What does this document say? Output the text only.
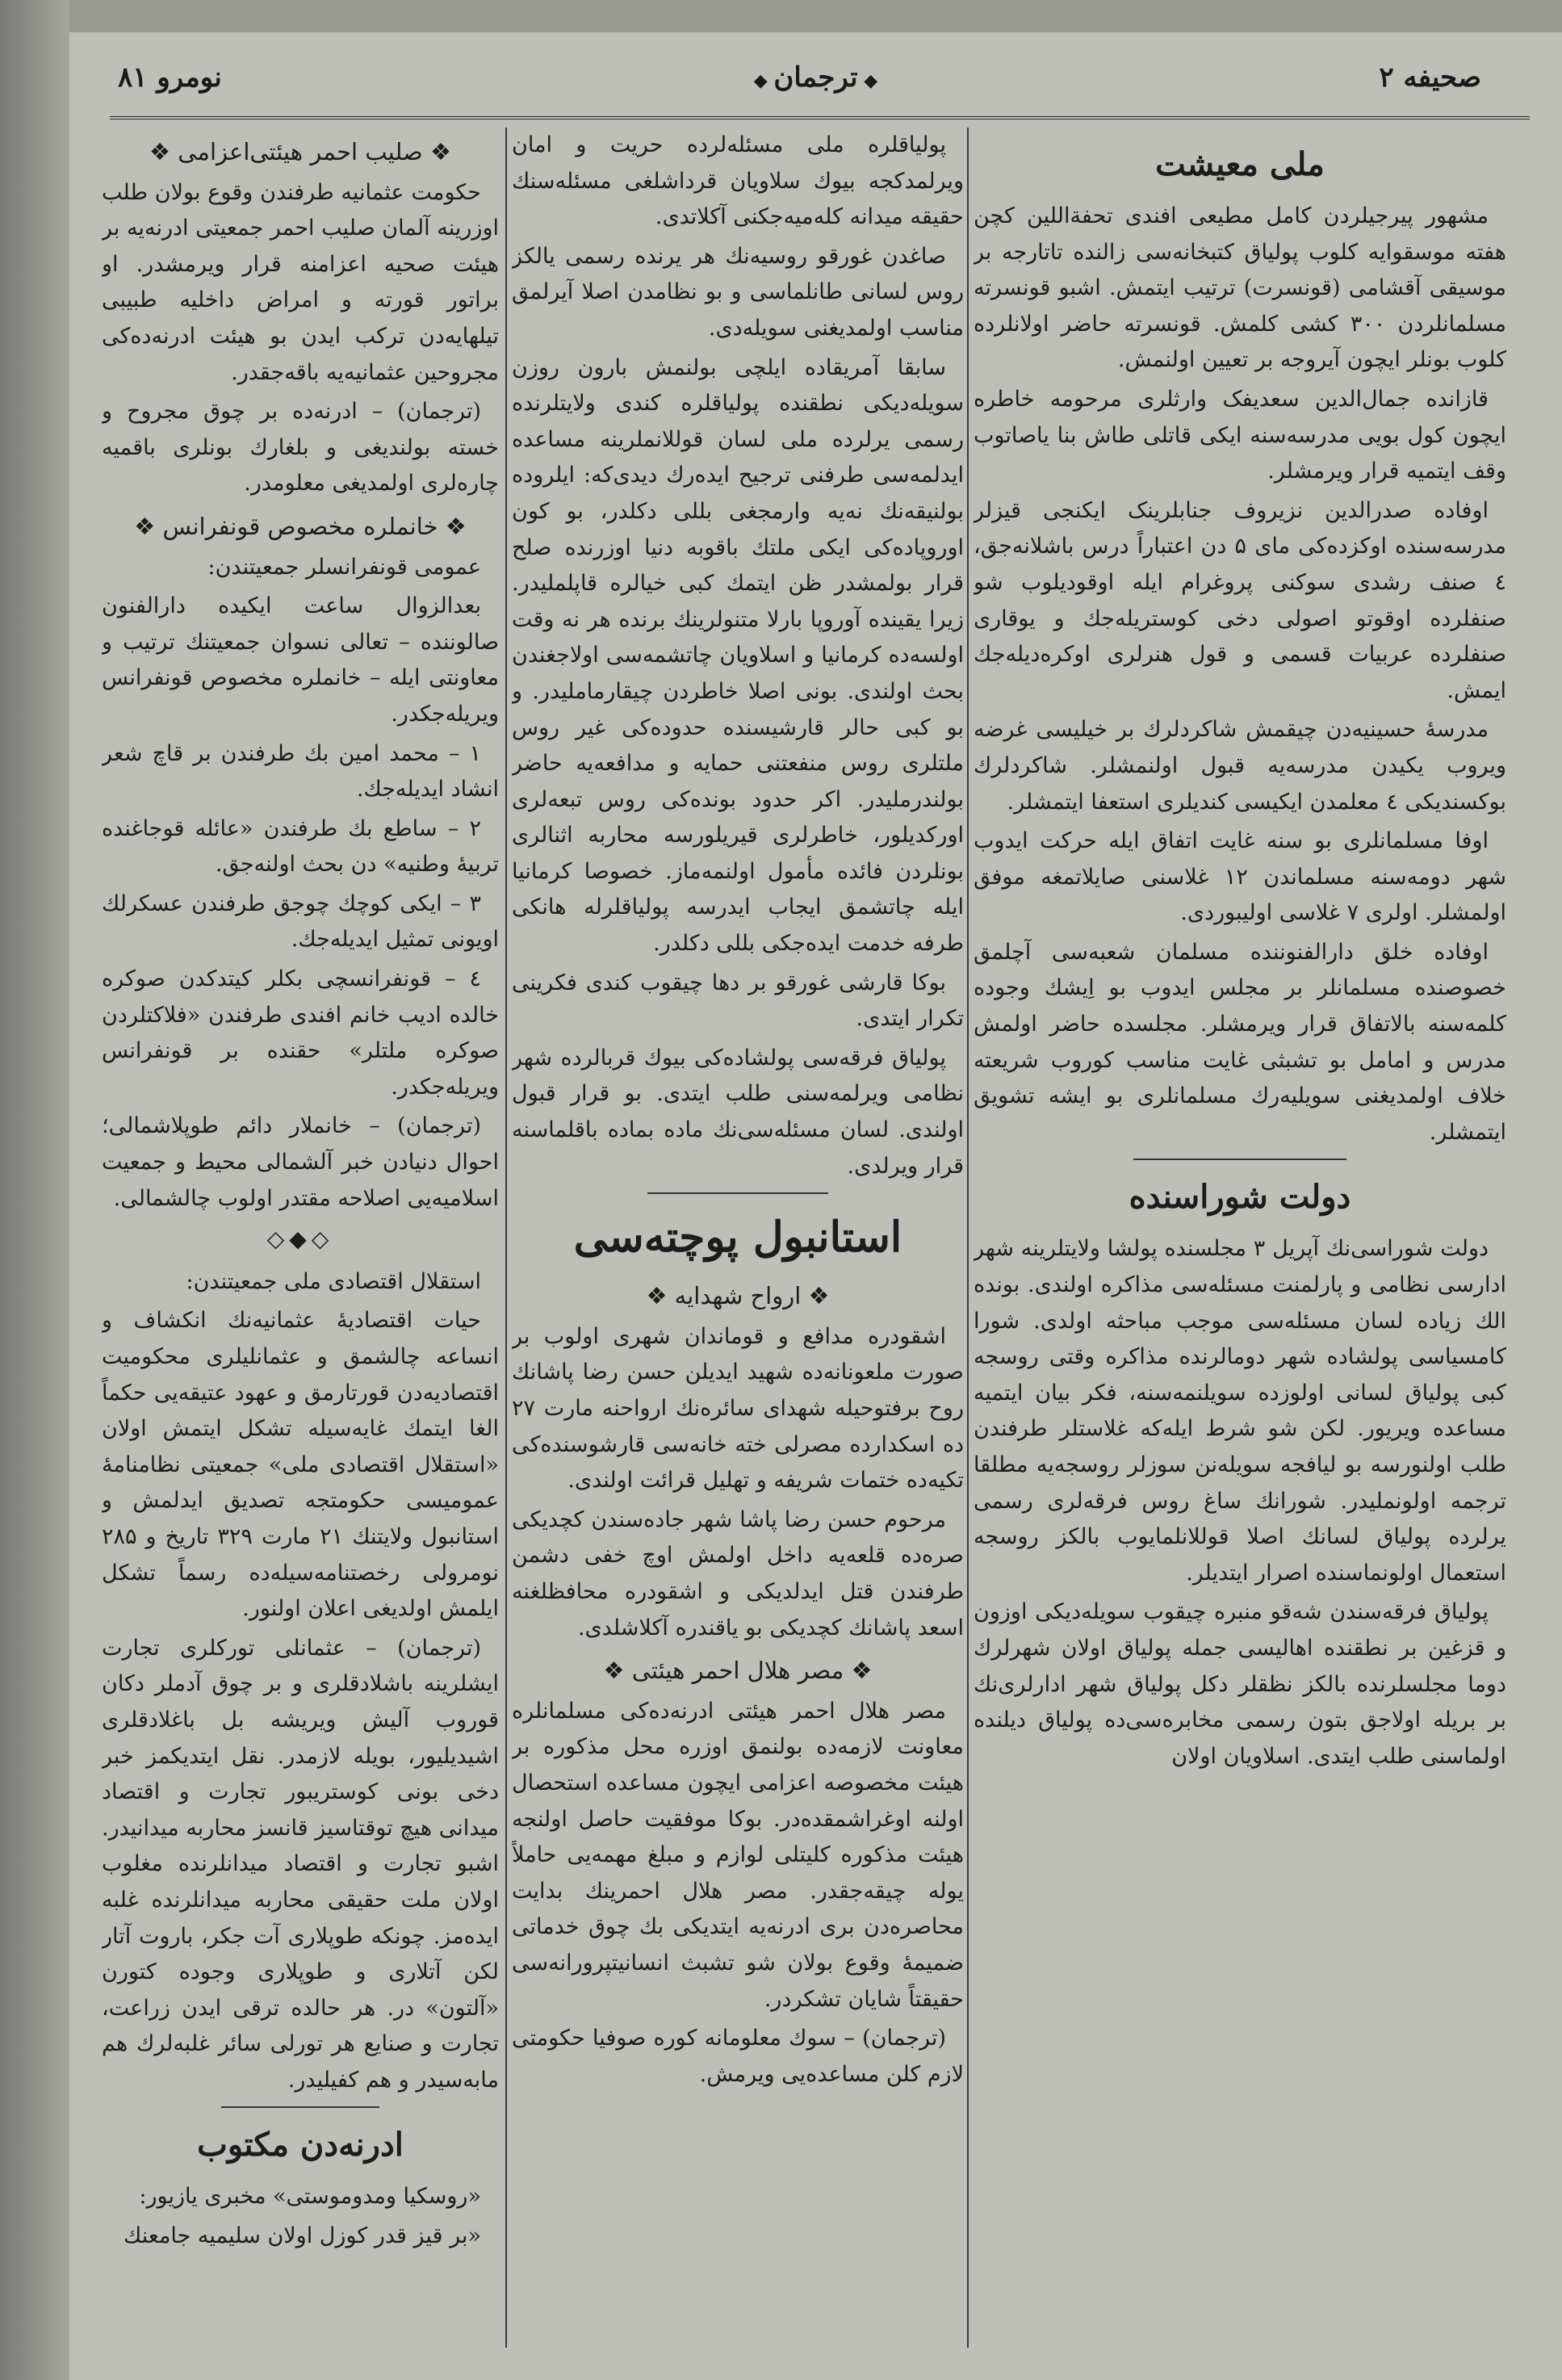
صحیفه ۲
◆ ترجمان ◆
نومرو ۸۱
ملی معیشت

مشهور پیرجیلردن کامل مطیعی افندی تحفةاللین کچن هفته موسقوایه کلوب پولیاق کتبخانه‌سی زالنده تاتارجه بر موسیقی آقشامی (قونسرت) ترتیب ایتمش. اشبو قونسرته مسلمانلردن ۳۰۰ کشی کلمش. قونسرته حاضر اولانلرده کلوب بونلر ایچون آیروجه بر تعیین اولنمش.

قازانده جمال‌الدین سعدیفک وارثلری مرحومه خاطره ایچون کول بویی مدرسه‌سنه ایکی قاتلی طاش بنا یاصاتوب وقف ایتمیه قرار ویرمشلر.

اوفاده صدرالدین نزیروف جنابلرینک ایکنجی قیزلر مدرسه‌سنده اوکزده‌کی مای ۵ دن اعتباراً درس باشلانه‌جق، ٤ صنف رشدی سوکنی پروغرام ایله اوقودیلوب شو صنفلرده اوقوتو اصولی دخی کوستریله‌جك و یوقاری صنفلرده عربیات قسمی و قول هنرلری اوکره‌دیله‌جك ایمش.

مدرسهٔ حسینیه‌دن چیقمش شاکردلرك بر خیلیسی غرضه ویروب یکیدن مدرسه‌یه قبول اولنمشلر. شاکردلرك بوکسندیکی ٤ معلمدن ایکیسی کندیلری استعفا ایتمشلر.

اوفا مسلمانلری بو سنه غایت اتفاق ایله حرکت ایدوب شهر دومه‌سنه مسلماندن ۱۲ غلاسنی صایلاتمغه موفق اولمشلر. اولری ۷ غلاسی اولیبوردی.

اوفاده خلق دارالفنوننده مسلمان شعبه‌سی آچلمق خصوصنده مسلمانلر بر مجلس ایدوب بو اِیشك وجوده کلمه‌سنه بالاتفاق قرار ویرمشلر. مجلسده حاضر اولمش مدرس و امامل بو تشبثی غایت مناسب کوروب شریعته خلاف اولمدیغنی سویلیه‌رك مسلمانلری بو ایشه تشویق ایتمشلر.

دولت شوراسنده

دولت شوراسی‌نك آپریل ۳ مجلسنده پولشا ولایتلرینه شهر ادارسی نظامی و پارلمنت مسئله‌سی مذاکره اولندی. بونده الك زیاده لسان مسئله‌سی موجب مباحثه اولدی. شورا کامسیاسی پولشاده شهر دومالرنده مذاکره وقتی روسجه کبی پولیاق لسانی اولوزده سویلنمه‌سنه، فکر بیان ایتمیه مساعده ویریور. لکن شو شرط ایله‌که غلاستلر طرفندن طلب اولنورسه بو لیافجه سویله‌نن سوزلر روسجه‌یه مطلقا ترجمه اولونملیدر. شورانك ساغ روس فرقه‌لری رسمی یرلرده پولیاق لسانك اصلا قوللانلمایوب بالکز روسجه استعمال اولونماسنده اصرار ایتدیلر.

پولیاق فرقه‌سندن شه‌قو منبره چیقوب سویله‌دیکی اوزون و قزغین بر نطقنده اهالیسی جمله پولیاق اولان شهرلرك دوما مجلسلرنده بالکز نظقلر دکل پولیاق شهر ادارلری‌نك بر بریله اولاجق بتون رسمی مخابره‌سی‌ده پولیاق دیلنده اولماسنی طلب ایتدی. اسلاویان اولان

پولیاقلره ملی مسئله‌لرده حریت و امان ویرلمدکجه بیوك سلاویان قرداشلغی مسئله‌سنك حقیقه میدانه کله‌میه‌جکنی آکلاتدی.

صاغدن غورقو روسیه‌نك هر یرنده رسمی یالکز روس لسانی طانلماسی و بو نظامدن اصلا آیرلمق مناسب اولمدیغنی سویله‌دی.

سابقا آمریقاده ایلچی بولنمش بارون روزن سویله‌دیکی نطقنده پولیاقلره کندی ولایتلرنده رسمی یرلرده ملی لسان قوللانملرینه مساعده ایدلمه‌سی طرفنی ترجیح ایده‌رك دیدی‌که: ایلروده بولنیقه‌نك نه‌یه وارمجغی بللی دکلدر، بو کون اوروپاده‌کی ایکی ملتك باقوبه دنیا اوزرنده صلح قرار بولمشدر ظن ایتمك کبی خیالره قاپلملیدر. زیرا یقینده آوروپا بارلا متنولرینك برنده هر نه وقت اولسه‌ده کرمانیا و اسلاویان چاتشمه‌سی اولاجغندن بحث اولندی. بونی اصلا خاطردن چیقارمامليدر. و بو کبی حالر قارشیسنده حدوده‌کی غیر روس ملتلری روس منفعتنی حمایه و مدافعه‌یه حاضر بولندرملیدر. اکر حدود بونده‌کی روس تبعه‌لری اورکدیلور، خاطرلری قیریلورسه محاربه اثنالری بونلردن فائده مأمول اولنمه‌ماز. خصوصا کرمانیا ایله چاتشمق ایجاب ایدرسه پولیاقلرله هانکی طرفه خدمت ایده‌جکی بللی دکلدر.

بوکا قارشی غورقو بر دها چیقوب کندی فکرینی تکرار ایتدی.

پولیاق فرقه‌سی پولشاده‌کی بیوك قربالرده شهر نظامی ویرلمه‌سنی طلب ایتدی. بو قرار قبول اولندی. لسان مسئله‌سی‌نك ماده بماده باقلماسنه قرار ویرلدی.

استانبول پوچته‌سی
❖ ارواح شهدایه ❖

اشقودره مدافع و قوماندان شهری اولوب بر صورت ملعونانه‌ده شهید ایدیلن حسن رضا پاشانك روح برفتوحیله شهدای سائره‌نك ارواحنه مارت ۲۷ ده اسکدارده مصرلی خته خانه‌سی قارشوسنده‌کی تکیه‌ده ختمات شریفه و تهلیل قرائت اولندی.

مرحوم حسن رضا پاشا شهر جاده‌سندن کچدیکی صره‌ده قلعه‌یه داخل اولمش اوچ خفی دشمن طرفندن قتل ایدلدیکی و اشقودره محافظلغنه اسعد پاشانك کچدیکی بو یاقندره آکلاشلدی.

❖ مصر هلال احمر هیئتی ❖

مصر هلال احمر هیئتی ادرنه‌ده‌کی مسلمانلره معاونت لازمه‌ده بولنمق اوزره محل مذکوره بر هیئت مخصوصه اعزامی ایچون مساعده استحصال اولنه اوغراشمقده‌در. بوکا موفقیت حاصل اولنجه هیئت مذکوره کلیتلی لوازم و مبلغ مهمه‌یی حاملاً یوله چیقه‌جقدر. مصر هلال احمرینك بدایت محاصره‌دن بری ادرنه‌یه ایتدیکی بك چوق خدماتی ضمیمهٔ وقوع بولان شو تشبث انسانیتپرورانه‌سی حقیقتاً شایان تشکردر.

(ترجمان) – سوك معلومانه کوره صوفیا حکومتی لازم کلن مساعده‌یی ویرمش.

❖ صلیب احمر هیئتی‌اعزامی ❖

حکومت عثمانیه طرفندن وقوع بولان طلب اوزرینه آلمان صلیب احمر جمعیتی ادرنه‌یه بر هیئت صحیه اعزامنه قرار ویرمشدر. او براتور قورته و امراض داخلیه طبیبی تیلهایه‌دن ترکب ایدن بو هیئت ادرنه‌ده‌کی مجروحین عثمانیه‌یه باقه‌جقدر.

(ترجمان) – ادرنه‌ده بر چوق مجروح و خسته بولندیغی و بلغارك بونلری باقمیه چاره‌لری اولمدیغی معلومدر.

❖ خانملره مخصوص قونفرانس ❖

عمومی قونفرانسلر جمعیتندن:

بعدالزوال ساعت ایکیده دارالفنون صالوننده – تعالی نسوان جمعیتنك ترتیب و معاونتی ایله – خانملره مخصوص قونفرانس ویریله‌جکدر.

۱ – محمد امین بك طرفندن بر قاچ شعر انشاد ایدیله‌جك.

۲ – ساطع بك طرفندن «عائله قوجاغنده تربیهٔ وطنیه» دن بحث اولنه‌جق.

۳ – ایکی کوچك چوجق طرفندن عسکرلك اویونی تمثیل ایدیله‌جك.

٤ – قونفرانسچی بکلر کیتدکدن صوکره خالده ادیب خانم افندی طرفندن «فلاکتلردن صوکره ملتلر» حقنده بر قونفرانس ویریله‌جکدر.

(ترجمان) – خانملار دائم طوپلاشمالی؛ احوال دنیادن خبر آلشمالی محیط و جمعیت اسلامیه‌یی اصلاحه مقتدر اولوب چالشمالی.

◇◆◇

استقلال اقتصادی ملی جمعیتندن:

حیات اقتصادیهٔ عثمانیه‌نك انکشاف و انساعه چالشمق و عثمانلیلری محکومیت اقتصادیه‌دن قورتارمق و عهود عتیقه‌یی حکماً الغا ایتمك غایه‌سیله تشکل ایتمش اولان «استقلال اقتصادی ملی» جمعیتی نظامنامهٔ عمومیسی حکومتجه تصدیق ایدلمش و استانبول ولایتنك ۲۱ مارت ۳۲۹ تاریخ و ۲۸۵ نومرولی رخصتنامه‌سیله‌ده رسماً تشکل ایلمش اولدیغی اعلان اولنور.

(ترجمان) – عثمانلی تورکلری تجارت ایشلرینه باشلادقلری و بر چوق آدملر دکان قوروب آلیش ویریشه بل باغلادقلری اشیدیلیور، بویله لازمدر. نقل ایتدیکمز خبر دخی بونی کوستریبور تجارت و اقتصاد میدانی هیچ توقتاسیز قانسز محاربه میدانیدر. اشبو تجارت و اقتصاد میدانلرنده مغلوب اولان ملت حقیقی محاربه میدانلرنده غلبه ایده‌مز. چونکه طوپلاری آت جکر، باروت آتار لکن آتلاری و طوپلاری وجوده کتورن «آلتون» در. هر حالده ترقی ایدن زراعت، تجارت و صنایع هر تورلی سائر غلبه‌لرك هم مابه‌سیدر و هم کفیلیدر.

ادرنه‌دن مکتوب

«روسکیا ومدوموستی» مخبری یازیور:

«بر قیز قدر کوزل اولان سلیمیه جامعنك
